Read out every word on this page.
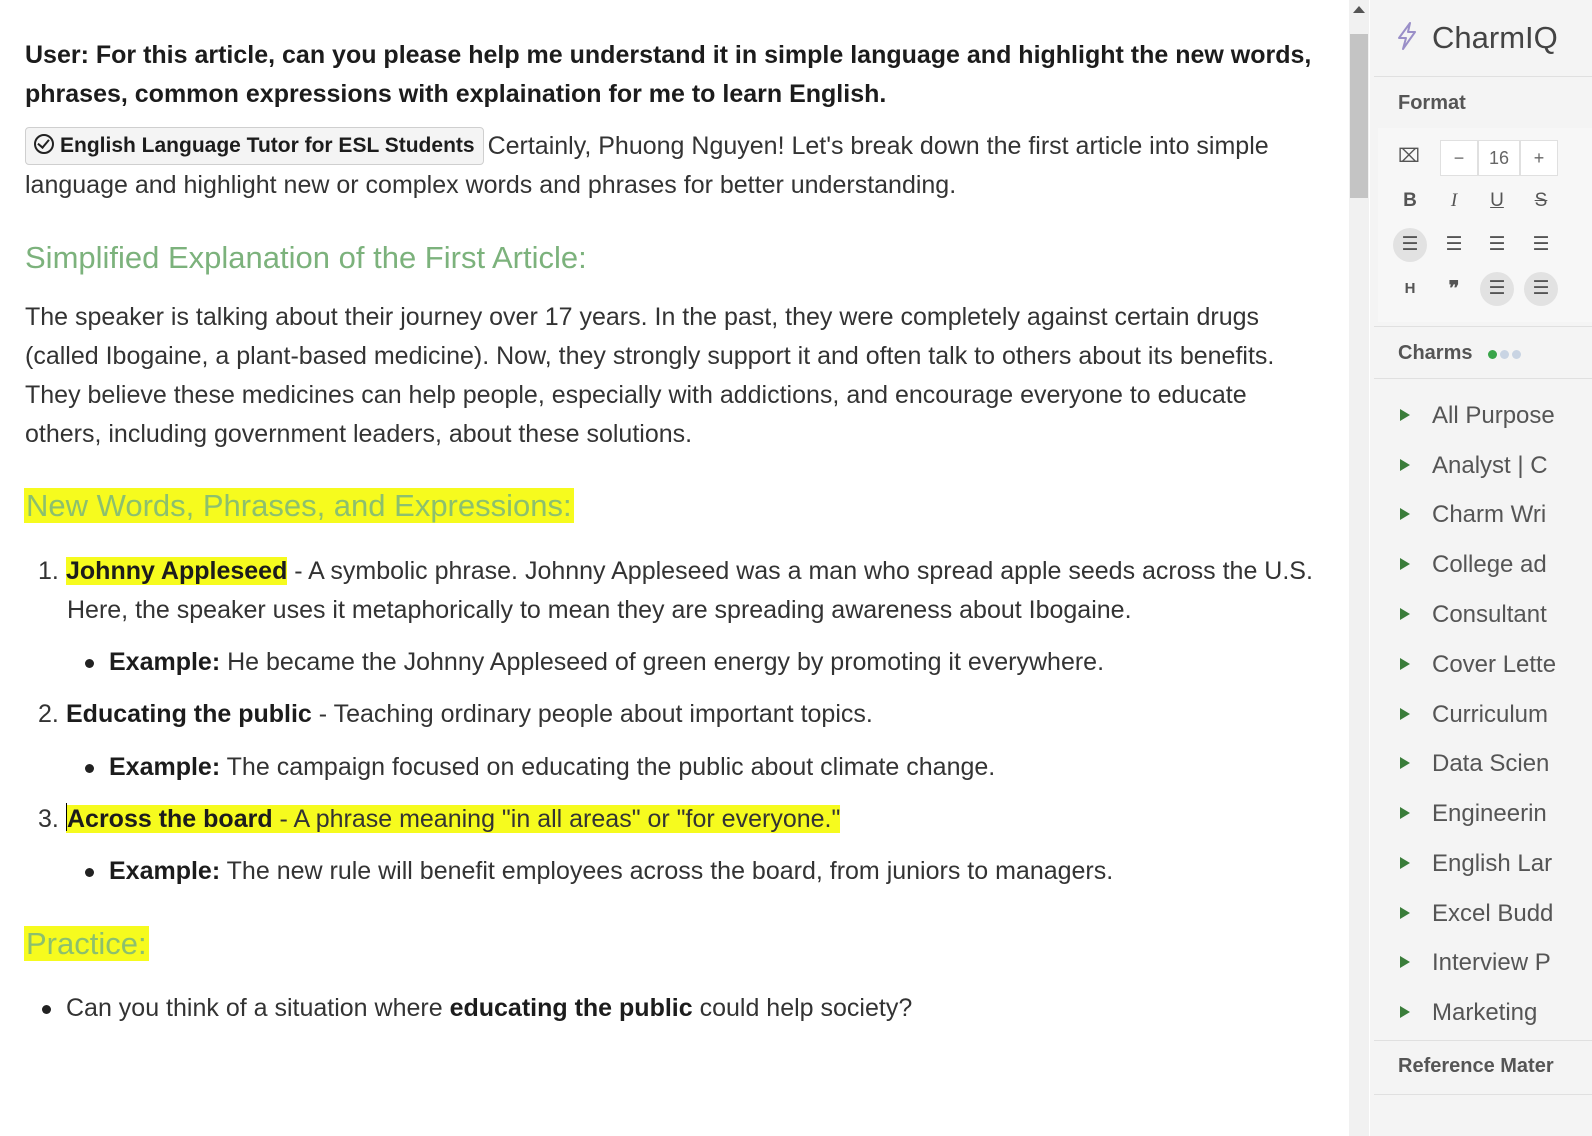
User: For this article, can you please help me understand it in simple language and highlight the new words, phrases, common expressions with explaination for me to learn English.
English Language Tutor for ESL Students Certainly, Phuong Nguyen! Let's break down the first article into simple language and highlight new or complex words and phrases for better understanding.
Simplified Explanation of the First Article:
The speaker is talking about their journey over 17 years. In the past, they were completely against certain drugs (called Ibogaine, a plant-based medicine). Now, they strongly support it and often talk to others about its benefits. They believe these medicines can help people, especially with addictions, and encourage everyone to educate others, including government leaders, about these solutions.
New Words, Phrases, and Expressions:
1. Johnny Appleseed - A symbolic phrase. Johnny Appleseed was a man who spread apple seeds across the U.S.
Here, the speaker uses it metaphorically to mean they are spreading awareness about Ibogaine.
Example: He became the Johnny Appleseed of green energy by promoting it everywhere.
2. Educating the public - Teaching ordinary people about important topics.
Example: The campaign focused on educating the public about climate change.
3. Across the board - A phrase meaning "in all areas" or "for everyone."
Example: The new rule will benefit employees across the board, from juniors to managers.
Practice:
Can you think of a situation where educating the public could help society?
CharmIQ
Format
⌧	−	16	+
B	I	U	S
☰	☰	☰	☰
H	❞	☰	☰
Charms
All Purpose
Analyst | C
Charm Wri
College ad
Consultant
Cover Lette
Curriculum
Data Scien
Engineerin
English Lar
Excel Budd
Interview P
Marketing
Reference Mater
